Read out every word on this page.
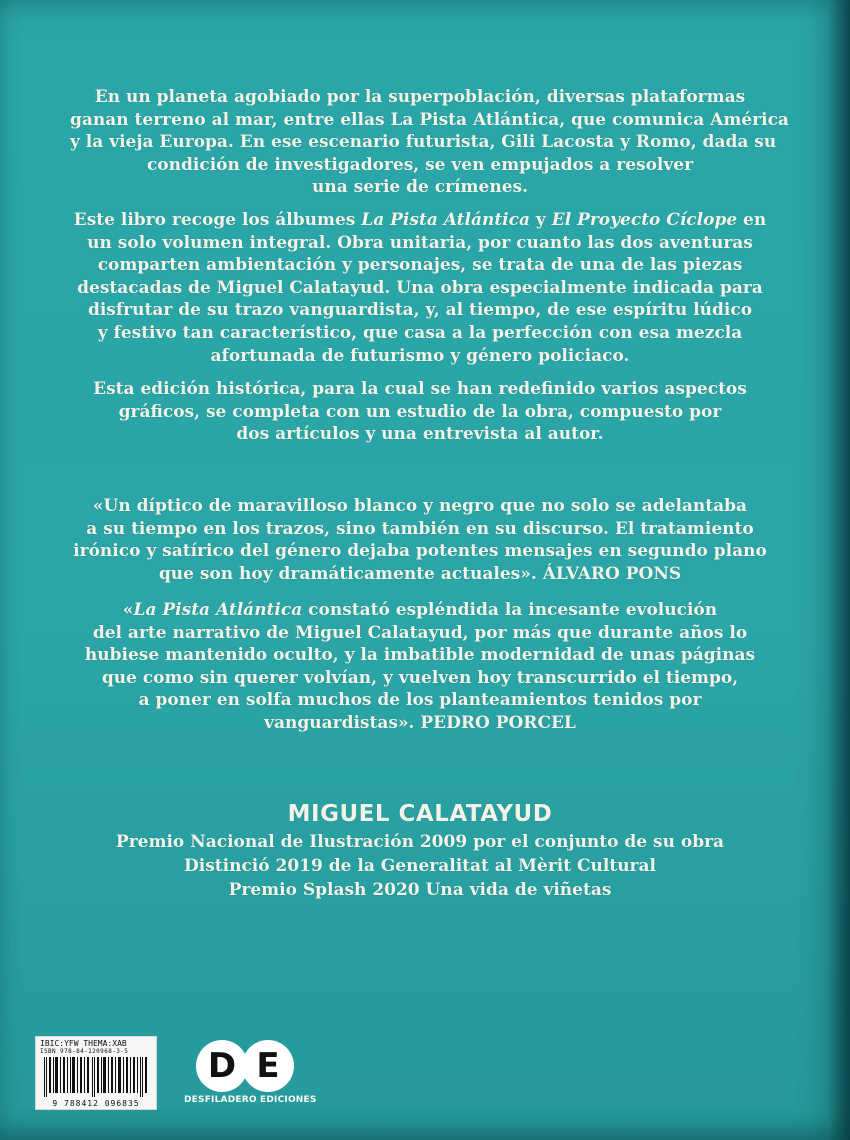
En un planeta agobiado por la superpoblación, diversas plataformas
ganan terreno al mar, entre ellas La Pista Atlántica, que comunica América
y la vieja Europa. En ese escenario futurista, Gili Lacosta y Romo, dada su
condición de investigadores, se ven empujados a resolver
una serie de crímenes.
Este libro recoge los álbumes La Pista Atlántica y El Proyecto Cíclope en
un solo volumen integral. Obra unitaria, por cuanto las dos aventuras
comparten ambientación y personajes, se trata de una de las piezas
destacadas de Miguel Calatayud. Una obra especialmente indicada para
disfrutar de su trazo vanguardista, y, al tiempo, de ese espíritu lúdico
y festivo tan característico, que casa a la perfección con esa mezcla
afortunada de futurismo y género policiaco.
Esta edición histórica, para la cual se han redefinido varios aspectos
gráficos, se completa con un estudio de la obra, compuesto por
dos artículos y una entrevista al autor.
«Un díptico de maravilloso blanco y negro que no solo se adelantaba
a su tiempo en los trazos, sino también en su discurso. El tratamiento
irónico y satírico del género dejaba potentes mensajes en segundo plano
que son hoy dramáticamente actuales». ÁLVARO PONS
«La Pista Atlántica constató espléndida la incesante evolución
del arte narrativo de Miguel Calatayud, por más que durante años lo
hubiese mantenido oculto, y la imbatible modernidad de unas páginas
que como sin querer volvían, y vuelven hoy transcurrido el tiempo,
a poner en solfa muchos de los planteamientos tenidos por
vanguardistas». PEDRO PORCEL
MIGUEL CALATAYUD
Premio Nacional de Ilustración 2009 por el conjunto de su obra
Distinció 2019 de la Generalitat al Mèrit Cultural
Premio Splash 2020 Una vida de viñetas
IBIC:YFW THEMA:XAB
ISBN 978-84-120968-3-5
9 788412 096835
D E
DESFILADERO EDICIONES
